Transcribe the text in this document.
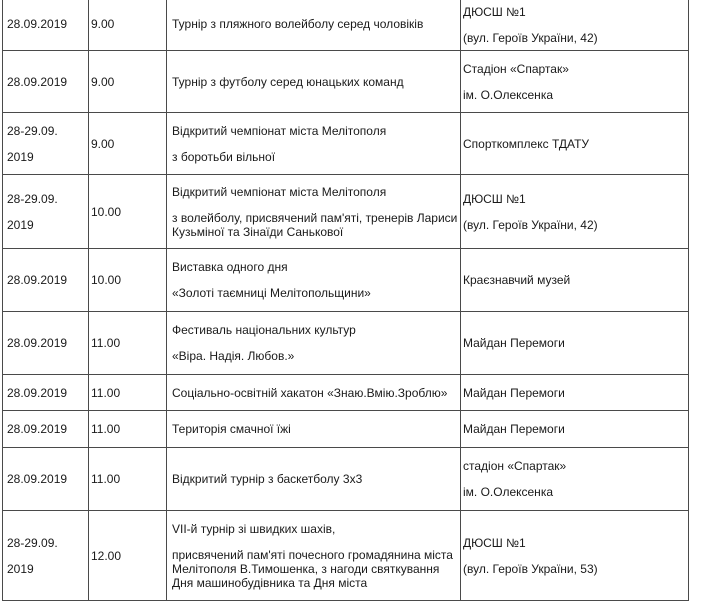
28.09.2019	9.00	Турнір з пляжного волейболу серед чоловіків	ДЮСШ №1
(вул. Героїв України, 42)

28.09.2019	9.00	Турнір з футболу серед юнацьких команд	Стадіон «Спартак»
ім. О.Олексенка

28-29.09.
2019	9.00	Відкритий чемпіонат міста Мелітополя
з боротьби вільної	Спорткомплекс ТДАТУ

28-29.09.
2019	10.00	Відкритий чемпіонат міста Мелітополя
з волейболу, присвячений пам'яті, тренерів Лариси Кузьміної та Зінаїди Санькової	ДЮСШ №1
(вул. Героїв України, 42)

28.09.2019	10.00	Виставка одного дня
«Золоті таємниці Мелітопольщини»	Краєзнавчий музей

28.09.2019	11.00	Фестиваль національних культур
«Віра. Надія. Любов.»	Майдан Перемоги

28.09.2019	11.00	Соціально-освітній хакатон «Знаю.Вмію.Зроблю»	Майдан Перемоги

28.09.2019	11.00	Територія смачної їжі	Майдан Перемоги

28.09.2019	11.00	Відкритий турнір з баскетболу 3х3	стадіон «Спартак»
ім. О.Олексенка

28-29.09.
2019	12.00	VІІ-й турнір зі швидких шахів,
присвячений пам'яті почесного громадянина міста Мелітополя В.Тимошенка, з нагоди святкування Дня машинобудівника та Дня міста	ДЮСШ №1
(вул. Героїв України, 53)
